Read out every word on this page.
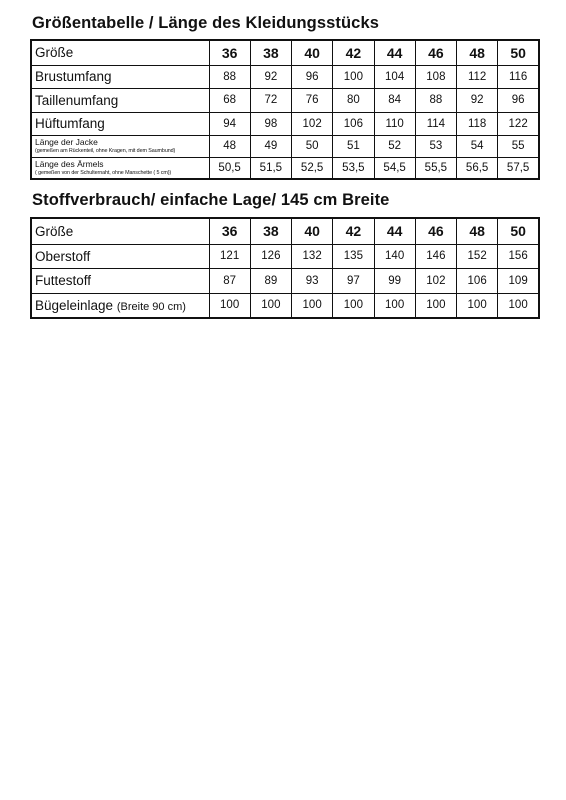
Größentabelle / Länge des Kleidungsstücks
Größe	36	38	40	42	44	46	48	50
Brustumfang	88	92	96	100	104	108	112	116
Taillenumfang	68	72	76	80	84	88	92	96
Hüftumfang	94	98	102	106	110	114	118	122

Länge der Jacke
(gemeßen am Rückenteil, ohne Kragen, mit dem Saumbund)	48	49	50	51	52	53	54	55

Länge des Ärmels
( gemeßen von der Schulternaht, ohne Manschette ( 5 cm))	50,5	51,5	52,5	53,5	54,5	55,5	56,5	57,5
Stoffverbrauch/ einfache Lage/ 145 cm Breite
Größe	36	38	40	42	44	46	48	50
Oberstoff	121	126	132	135	140	146	152	156
Futtestoff	87	89	93	97	99	102	106	109
Bügeleinlage (Breite 90 cm)	100	100	100	100	100	100	100	100
